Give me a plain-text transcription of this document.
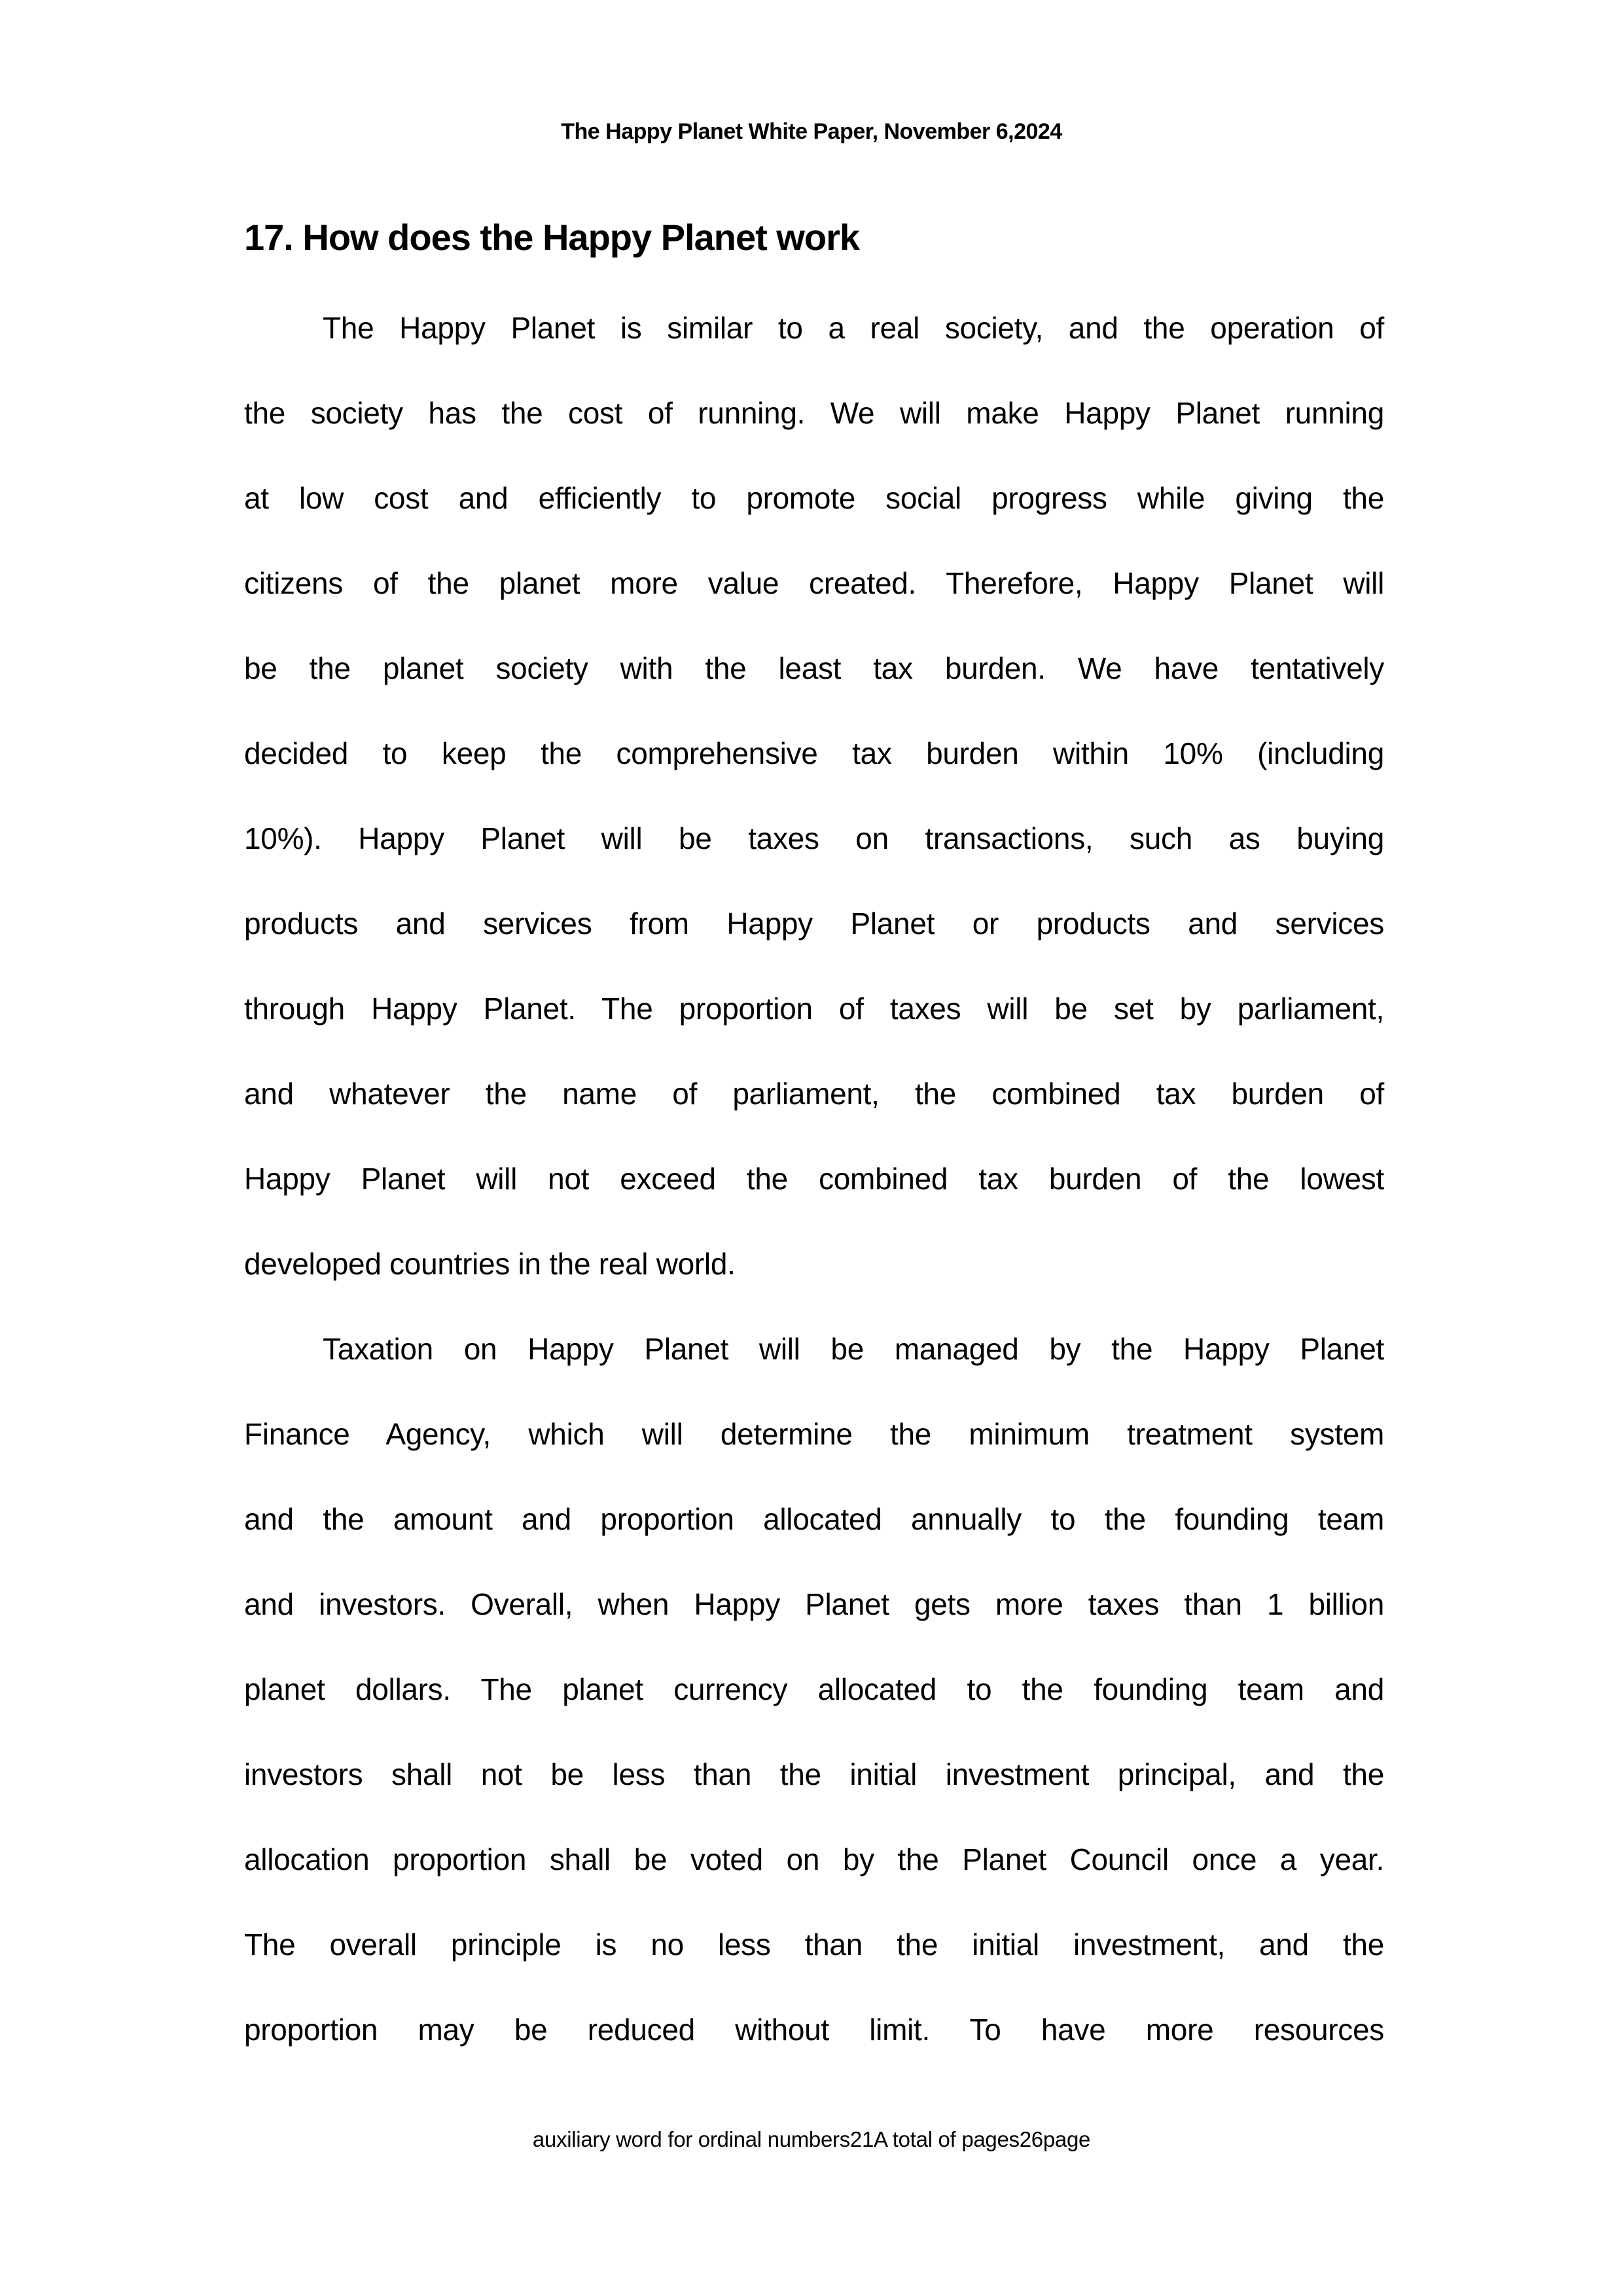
The Happy Planet White Paper, November 6,2024
17. How does the Happy Planet work
The Happy Planet is similar to a real society, and the operation of
the society has the cost of running. We will make Happy Planet running
at low cost and efficiently to promote social progress while giving the
citizens of the planet more value created. Therefore, Happy Planet will
be the planet society with the least tax burden. We have tentatively
decided to keep the comprehensive tax burden within 10% (including
10%). Happy Planet will be taxes on transactions, such as buying
products and services from Happy Planet or products and services
through Happy Planet. The proportion of taxes will be set by parliament,
and whatever the name of parliament, the combined tax burden of
Happy Planet will not exceed the combined tax burden of the lowest
developed countries in the real world.
Taxation on Happy Planet will be managed by the Happy Planet
Finance Agency, which will determine the minimum treatment system
and the amount and proportion allocated annually to the founding team
and investors. Overall, when Happy Planet gets more taxes than 1 billion
planet dollars. The planet currency allocated to the founding team and
investors shall not be less than the initial investment principal, and the
allocation proportion shall be voted on by the Planet Council once a year.
The overall principle is no less than the initial investment, and the
proportion may be reduced without limit. To have more resources
auxiliary word for ordinal numbers21A total of pages26page
